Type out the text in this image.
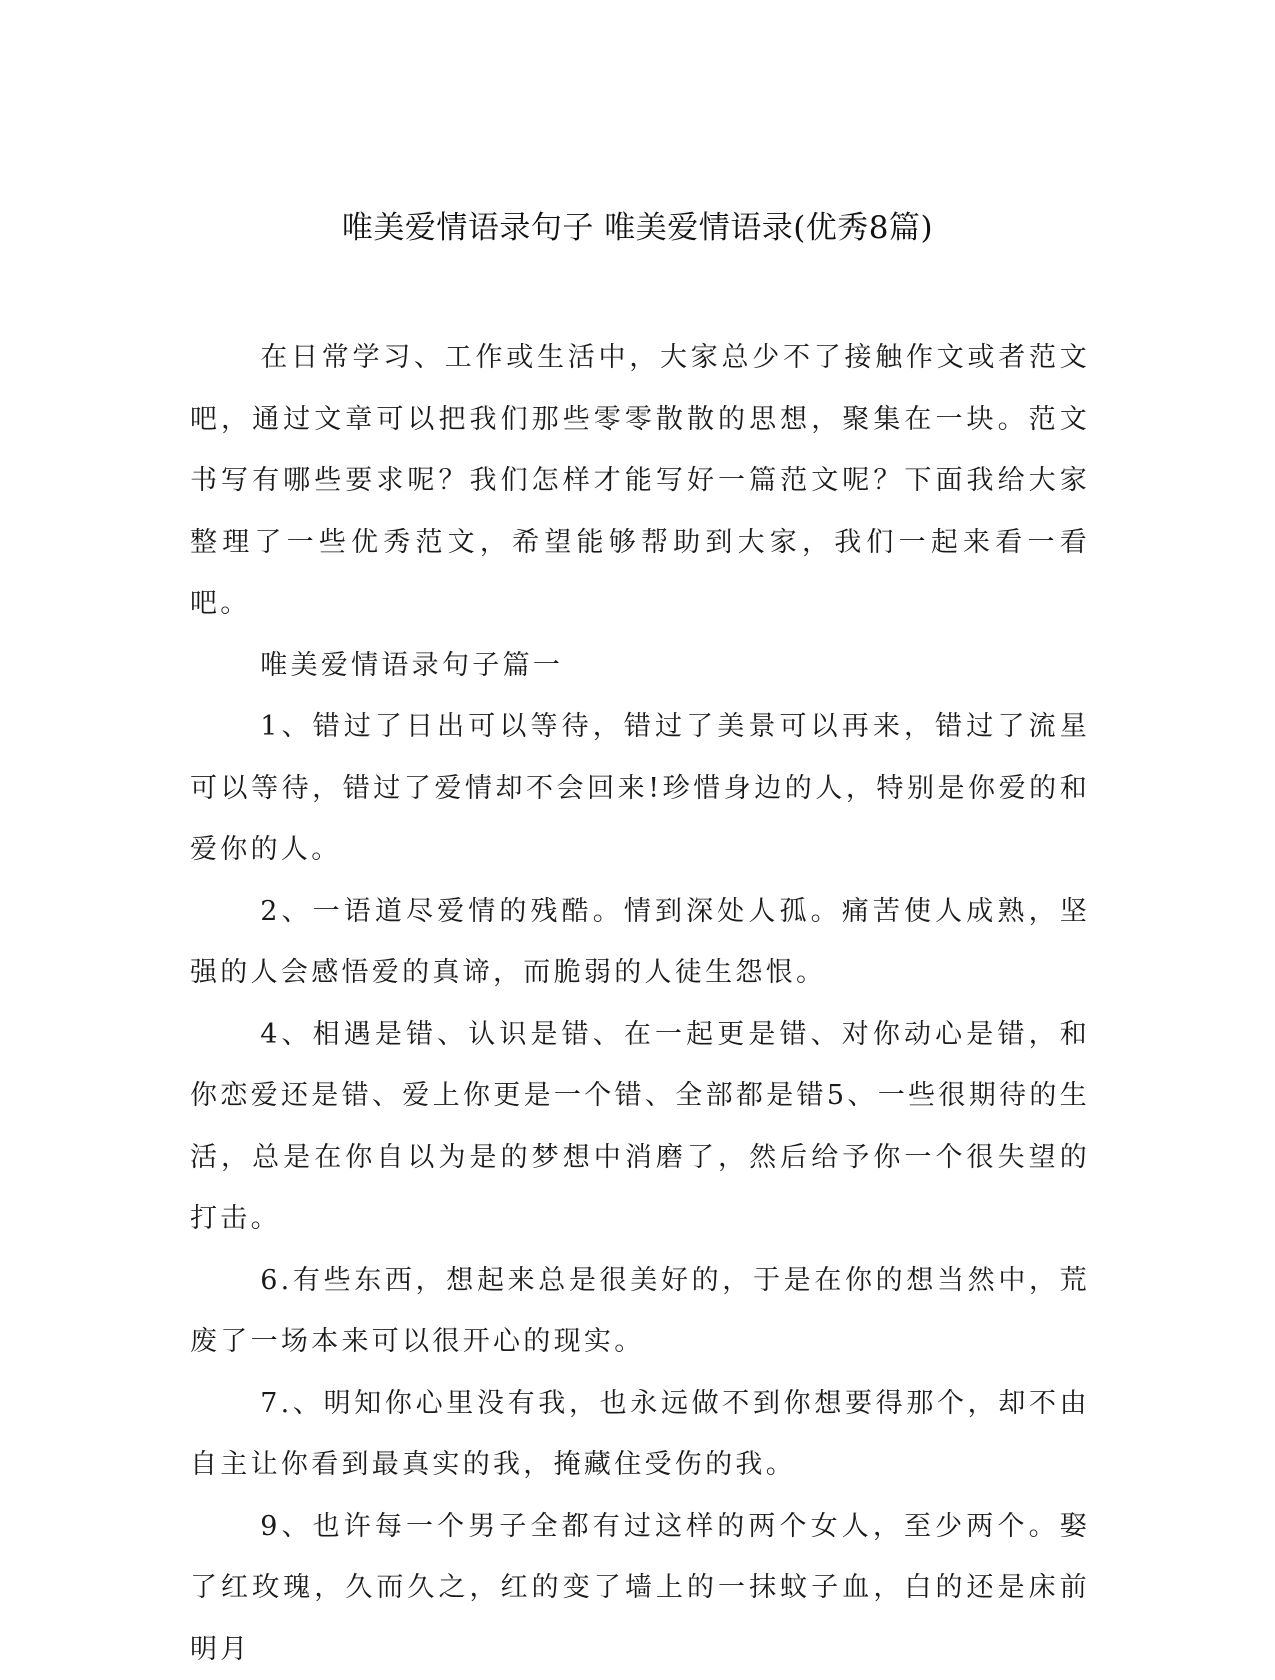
唯美爱情语录句子 唯美爱情语录(优秀8篇)

在日常学习、工作或生活中，大家总少不了接触作文或者范文吧，通过文章可以把我们那些零零散散的思想，聚集在一块。范文书写有哪些要求呢？我们怎样才能写好一篇范文呢？下面我给大家整理了一些优秀范文，希望能够帮助到大家，我们一起来看一看吧。

唯美爱情语录句子篇一

1、错过了日出可以等待，错过了美景可以再来，错过了流星可以等待，错过了爱情却不会回来!珍惜身边的人，特别是你爱的和爱你的人。

2、一语道尽爱情的残酷。情到深处人孤。痛苦使人成熟，坚强的人会感悟爱的真谛，而脆弱的人徒生怨恨。

4、相遇是错、认识是错、在一起更是错、对你动心是错，和你恋爱还是错、爱上你更是一个错、全部都是错5、一些很期待的生活，总是在你自以为是的梦想中消磨了，然后给予你一个很失望的打击。

6.有些东西，想起来总是很美好的，于是在你的想当然中，荒废了一场本来可以很开心的现实。

7.、明知你心里没有我，也永远做不到你想要得那个，却不由自主让你看到最真实的我，掩藏住受伤的我。

9、也许每一个男子全都有过这样的两个女人，至少两个。娶了红玫瑰，久而久之，红的变了墙上的一抹蚊子血，白的还是床前明月
